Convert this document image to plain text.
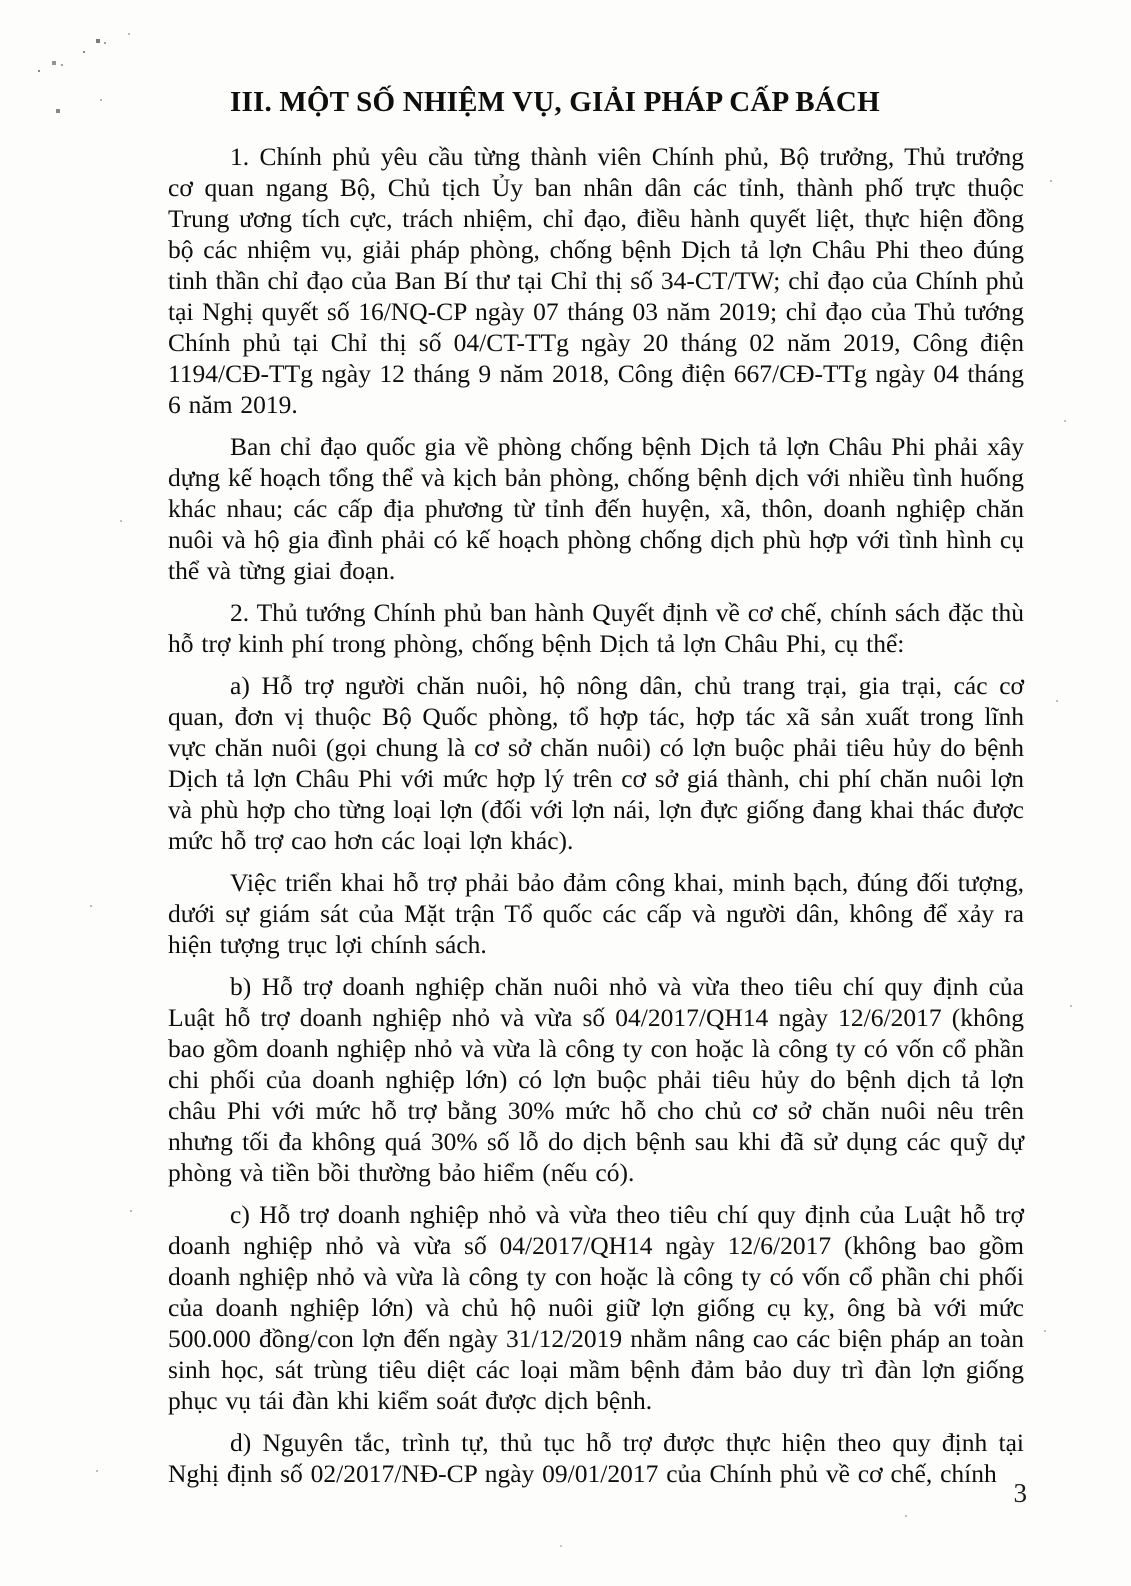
III. MỘT SỐ NHIỆM VỤ, GIẢI PHÁP CẤP BÁCH

1. Chính phủ yêu cầu từng thành viên Chính phủ, Bộ trưởng, Thủ trưởng cơ quan ngang Bộ, Chủ tịch Ủy ban nhân dân các tỉnh, thành phố trực thuộc Trung ương tích cực, trách nhiệm, chỉ đạo, điều hành quyết liệt, thực hiện đồng bộ các nhiệm vụ, giải pháp phòng, chống bệnh Dịch tả lợn Châu Phi theo đúng tinh thần chỉ đạo của Ban Bí thư tại Chỉ thị số 34-CT/TW; chỉ đạo của Chính phủ tại Nghị quyết số 16/NQ-CP ngày 07 tháng 03 năm 2019; chỉ đạo của Thủ tướng Chính phủ tại Chỉ thị số 04/CT-TTg ngày 20 tháng 02 năm 2019, Công điện 1194/CĐ-TTg ngày 12 tháng 9 năm 2018, Công điện 667/CĐ-TTg ngày 04 tháng 6 năm 2019.

Ban chỉ đạo quốc gia về phòng chống bệnh Dịch tả lợn Châu Phi phải xây dựng kế hoạch tổng thể và kịch bản phòng, chống bệnh dịch với nhiều tình huống khác nhau; các cấp địa phương từ tỉnh đến huyện, xã, thôn, doanh nghiệp chăn nuôi và hộ gia đình phải có kế hoạch phòng chống dịch phù hợp với tình hình cụ thể và từng giai đoạn.

2. Thủ tướng Chính phủ ban hành Quyết định về cơ chế, chính sách đặc thù hỗ trợ kinh phí trong phòng, chống bệnh Dịch tả lợn Châu Phi, cụ thể:

a) Hỗ trợ người chăn nuôi, hộ nông dân, chủ trang trại, gia trại, các cơ quan, đơn vị thuộc Bộ Quốc phòng, tổ hợp tác, hợp tác xã sản xuất trong lĩnh vực chăn nuôi (gọi chung là cơ sở chăn nuôi) có lợn buộc phải tiêu hủy do bệnh Dịch tả lợn Châu Phi với mức hợp lý trên cơ sở giá thành, chi phí chăn nuôi lợn và phù hợp cho từng loại lợn (đối với lợn nái, lợn đực giống đang khai thác được mức hỗ trợ cao hơn các loại lợn khác).

Việc triển khai hỗ trợ phải bảo đảm công khai, minh bạch, đúng đối tượng, dưới sự giám sát của Mặt trận Tổ quốc các cấp và người dân, không để xảy ra hiện tượng trục lợi chính sách.

b) Hỗ trợ doanh nghiệp chăn nuôi nhỏ và vừa theo tiêu chí quy định của Luật hỗ trợ doanh nghiệp nhỏ và vừa số 04/2017/QH14 ngày 12/6/2017 (không bao gồm doanh nghiệp nhỏ và vừa là công ty con hoặc là công ty có vốn cổ phần chi phối của doanh nghiệp lớn) có lợn buộc phải tiêu hủy do bệnh dịch tả lợn châu Phi với mức hỗ trợ bằng 30% mức hỗ cho chủ cơ sở chăn nuôi nêu trên nhưng tối đa không quá 30% số lỗ do dịch bệnh sau khi đã sử dụng các quỹ dự phòng và tiền bồi thường bảo hiểm (nếu có).

c) Hỗ trợ doanh nghiệp nhỏ và vừa theo tiêu chí quy định của Luật hỗ trợ doanh nghiệp nhỏ và vừa số 04/2017/QH14 ngày 12/6/2017 (không bao gồm doanh nghiệp nhỏ và vừa là công ty con hoặc là công ty có vốn cổ phần chi phối của doanh nghiệp lớn) và chủ hộ nuôi giữ lợn giống cụ kỵ, ông bà với mức 500.000 đồng/con lợn đến ngày 31/12/2019 nhằm nâng cao các biện pháp an toàn sinh học, sát trùng tiêu diệt các loại mầm bệnh đảm bảo duy trì đàn lợn giống phục vụ tái đàn khi kiểm soát được dịch bệnh.

d) Nguyên tắc, trình tự, thủ tục hỗ trợ được thực hiện theo quy định tại Nghị định số 02/2017/NĐ-CP ngày 09/01/2017 của Chính phủ về cơ chế, chính

3
